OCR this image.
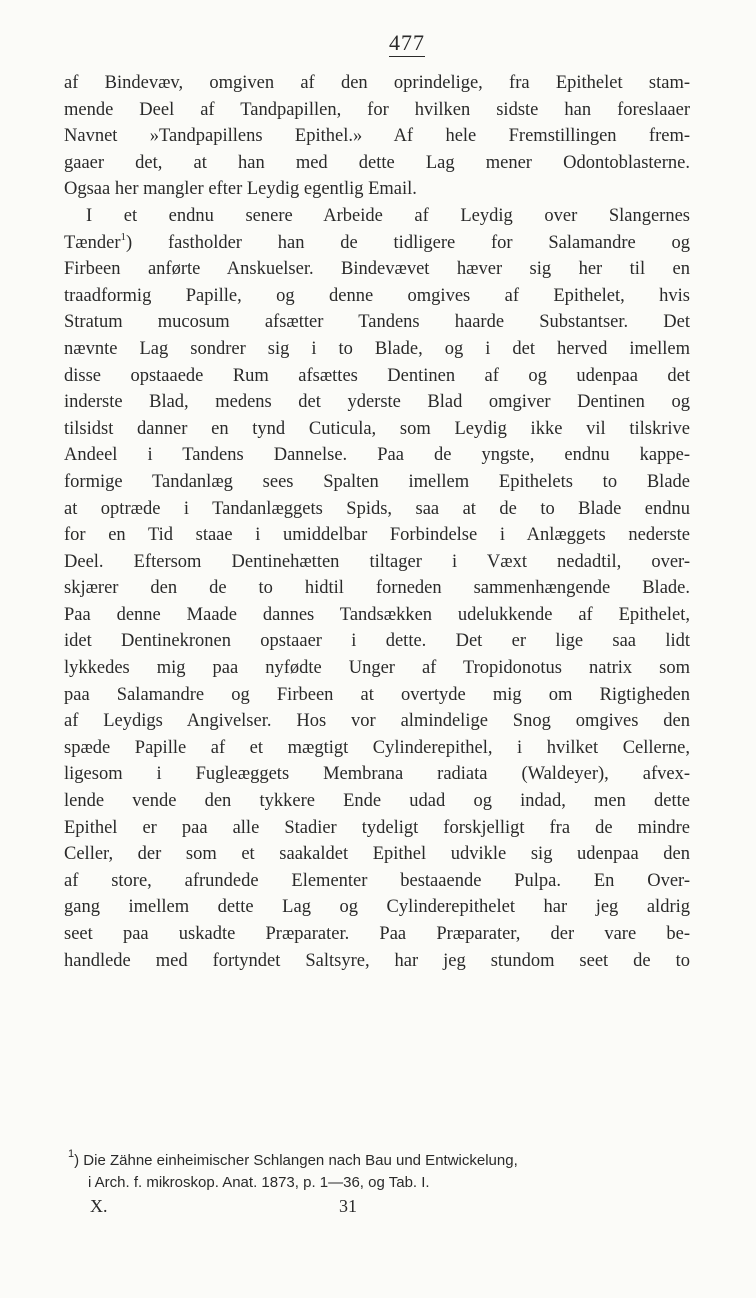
477
af Bindevæv, omgiven af den oprindelige, fra Epithelet stam-
mende Deel af Tandpapillen, for hvilken sidste han foreslaaer
Navnet »Tandpapillens Epithel.» Af hele Fremstillingen frem-
gaaer det, at han med dette Lag mener Odontoblasterne.
Ogsaa her mangler efter Leydig egentlig Email.
I et endnu senere Arbeide af Leydig over Slangernes
Tænder$^1$) fastholder han de tidligere for Salamandre og
Firbeen anførte Anskuelser. Bindevævet hæver sig her til en
traadformig Papille, og denne omgives af Epithelet, hvis
Stratum mucosum afsætter Tandens haarde Substantser. Det
nævnte Lag sondrer sig i to Blade, og i det herved imellem
disse opstaaede Rum afsættes Dentinen af og udenpaa det
inderste Blad, medens det yderste Blad omgiver Dentinen og
tilsidst danner en tynd Cuticula, som Leydig ikke vil tilskrive
Andeel i Tandens Dannelse. Paa de yngste, endnu kappe-
formige Tandanlæg sees Spalten imellem Epithelets to Blade
at optræde i Tandanlæggets Spids, saa at de to Blade endnu
for en Tid staae i umiddelbar Forbindelse i Anlæggets nederste
Deel. Eftersom Dentinehætten tiltager i Væxt nedadtil, over-
skjærer den de to hidtil forneden sammenhængende Blade.
Paa denne Maade dannes Tandsækken udelukkende af Epithelet,
idet Dentinekronen opstaaer i dette. Det er lige saa lidt
lykkedes mig paa nyfødte Unger af Tropidonotus natrix som
paa Salamandre og Firbeen at overtyde mig om Rigtigheden
af Leydigs Angivelser. Hos vor almindelige Snog omgives den
spæde Papille af et mægtigt Cylinderepithel, i hvilket Cellerne,
ligesom i Fugleæggets Membrana radiata (Waldeyer), afvex-
lende vende den tykkere Ende udad og indad, men dette
Epithel er paa alle Stadier tydeligt forskjelligt fra de mindre
Celler, der som et saakaldet Epithel udvikle sig udenpaa den
af store, afrundede Elementer bestaaende Pulpa. En Over-
gang imellem dette Lag og Cylinderepithelet har jeg aldrig
seet paa uskadte Præparater. Paa Præparater, der vare be-
handlede med fortyndet Saltsyre, har jeg stundom seet de to
$^1$) Die Zähne einheimischer Schlangen nach Bau und Entwickelung,
i Arch. f. mikroskop. Anat. 1873, p. 1—36, og Tab. I.
X.	31
